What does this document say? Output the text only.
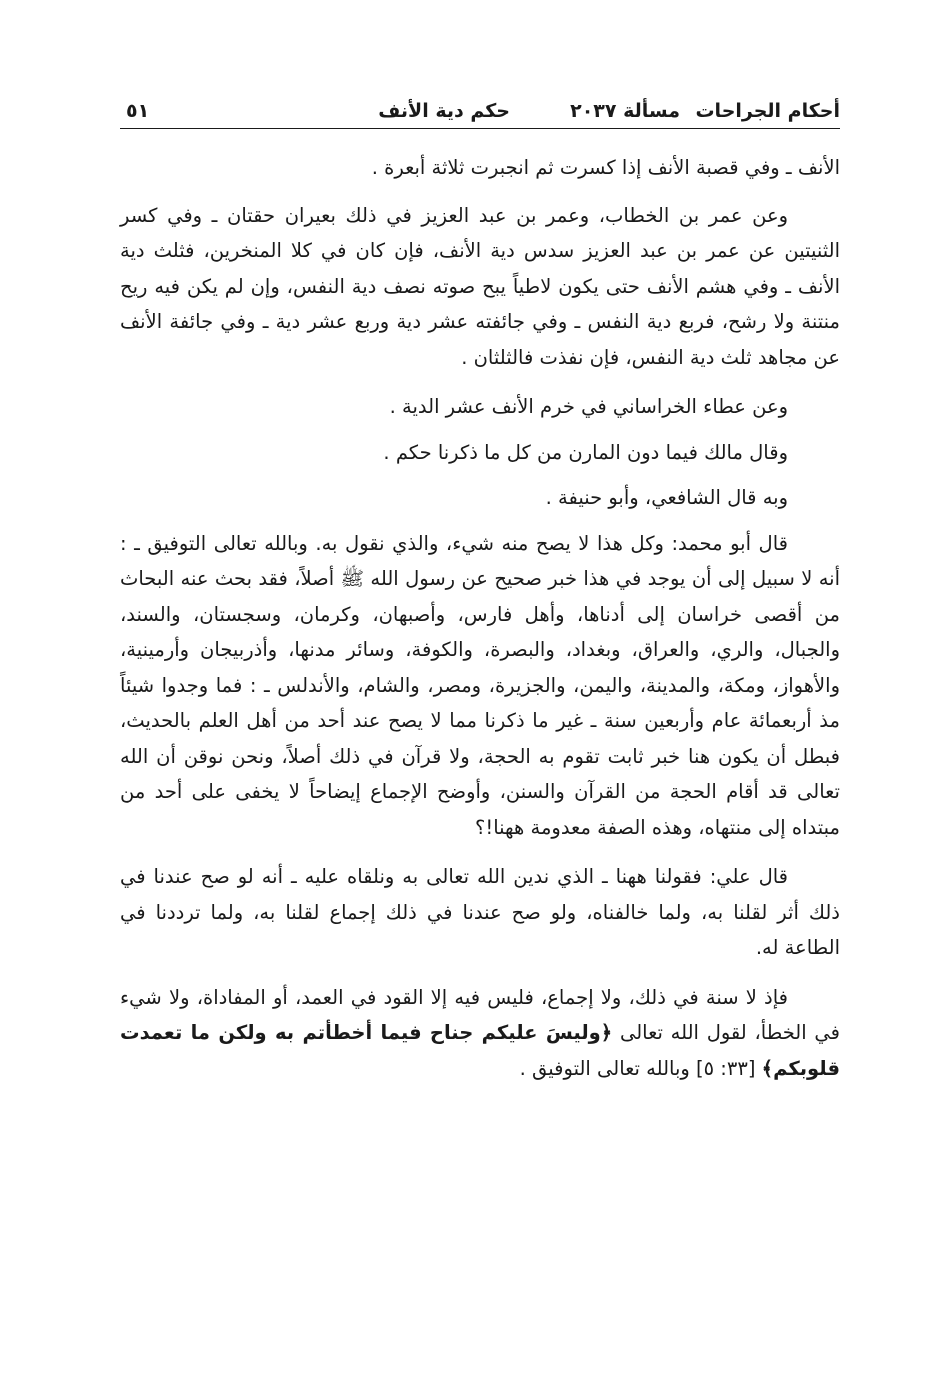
أحكام الجراحات
مسألة ٢٠٣٧
حكم دية الأنف
٥١

الأنف ـ وفي قصبة الأنف إذا كسرت ثم انجبرت ثلاثة أبعرة .

وعن عمر بن الخطاب، وعمر بن عبد العزيز في ذلك بعيران حقتان ـ وفي كسر الثنيتين عن عمر بن عبد العزيز سدس دية الأنف، فإن كان في كلا المنخرين، فثلث دية الأنف ـ وفي هشم الأنف حتى يكون لاطياً يبح صوته نصف دية النفس، وإن لم يكن فيه ريح منتنة ولا رشح، فربع دية النفس ـ وفي جائفته عشر دية وربع عشر دية ـ وفي جائفة الأنف عن مجاهد ثلث دية النفس، فإن نفذت فالثلثان .

وعن عطاء الخراساني في خرم الأنف عشر الدية .

وقال مالك فيما دون المارن من كل ما ذكرنا حكم .

وبه قال الشافعي، وأبو حنيفة .

قال أبو محمد: وكل هذا لا يصح منه شيء، والذي نقول به. وبالله تعالى التوفيق ـ : أنه لا سبيل إلى أن يوجد في هذا خبر صحيح عن رسول الله ﷺ أصلاً، فقد بحث عنه البحاث من أقصى خراسان إلى أدناها، وأهل فارس، وأصبهان، وكرمان، وسجستان، والسند، والجبال، والري، والعراق، وبغداد، والبصرة، والكوفة، وسائر مدنها، وأذربيجان وأرمينية، والأهواز، ومكة، والمدينة، واليمن، والجزيرة، ومصر، والشام، والأندلس ـ : فما وجدوا شيئاً مذ أربعمائة عام وأربعين سنة ـ غير ما ذكرنا مما لا يصح عند أحد من أهل العلم بالحديث، فبطل أن يكون هنا خبر ثابت تقوم به الحجة، ولا قرآن في ذلك أصلاً، ونحن نوقن أن الله تعالى قد أقام الحجة من القرآن والسنن، وأوضح الإجماع إيضاحاً لا يخفى على أحد من مبتداه إلى منتهاه، وهذه الصفة معدومة ههنا!؟

قال علي: فقولنا ههنا ـ الذي ندين الله تعالى به ونلقاه عليه ـ أنه لو صح عندنا في ذلك أثر لقلنا به، ولما خالفناه، ولو صح عندنا في ذلك إجماع لقلنا به، ولما ترددنا في الطاعة له.

فإذ لا سنة في ذلك، ولا إجماع، فليس فيه إلا القود في العمد، أو المفاداة، ولا شيء في الخطأ، لقول الله تعالى ﴿وليسَ عليكم جناح فيما أخطأتم به ولكن ما تعمدت قلوبكم﴾ [٣٣: ٥] وبالله تعالى التوفيق .
